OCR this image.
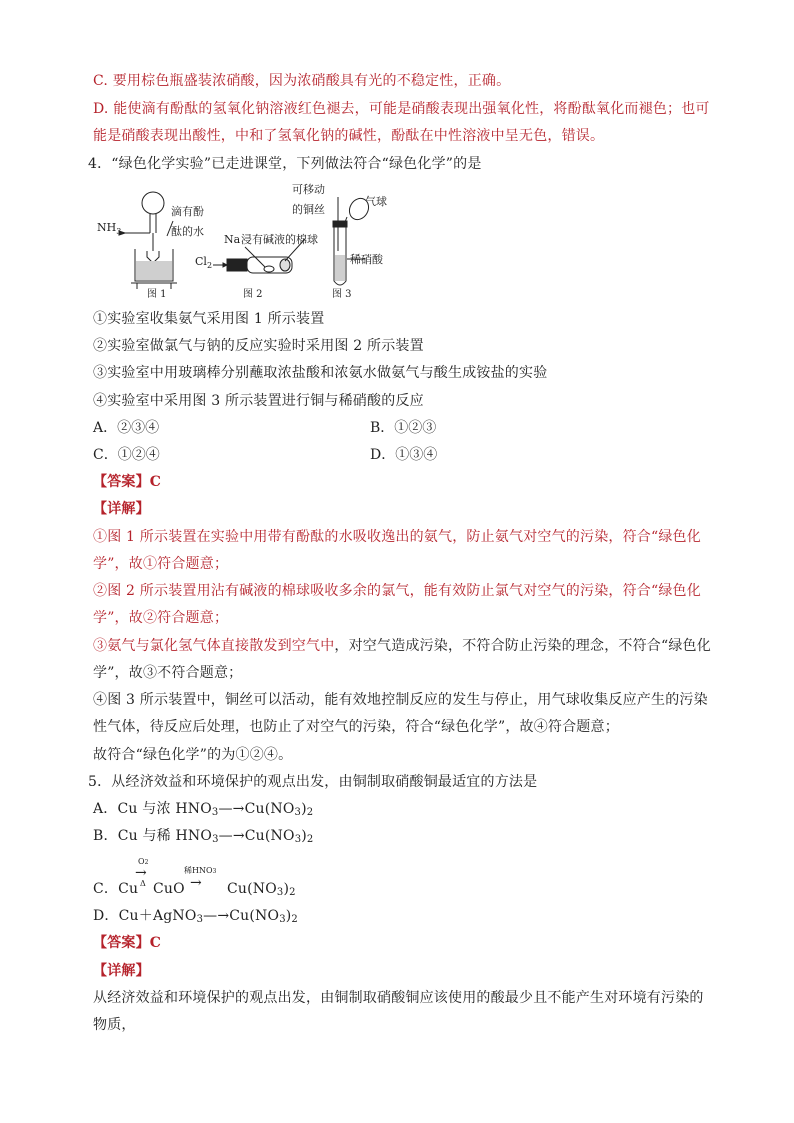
C. 要用棕色瓶盛装浓硝酸，因为浓硝酸具有光的不稳定性，正确。
D. 能使滴有酚酞的氢氧化钠溶液红色褪去，可能是硝酸表现出强氧化性，将酚酞氧化而褪色；也可
能是硝酸表现出酸性，中和了氢氧化钠的碱性，酚酞在中性溶液中呈无色，错误。
4．“绿色化学实验”已走进课堂，下列做法符合“绿色化学”的是
$NH_3$
滴有酚
酞的水
图 1
$Cl_2$
Na 浸有碱液的棉球
图 2
可移动
的铜丝
气球
稀硝酸
图 3
①实验室收集氨气采用图 1 所示装置
②实验室做氯气与钠的反应实验时采用图 2 所示装置
③实验室中用玻璃棒分别蘸取浓盐酸和浓氨水做氨气与酸生成铵盐的实验
④实验室中采用图 3 所示装置进行铜与稀硝酸的反应
A．②③④	B．①②③
C．①②④	D．①③④
【答案】C
【详解】
①图 1 所示装置在实验中用带有酚酞的水吸收逸出的氨气，防止氨气对空气的污染，符合“绿色化
学”，故①符合题意；
②图 2 所示装置用沾有碱液的棉球吸收多余的氯气，能有效防止氯气对空气的污染，符合“绿色化
学”，故②符合题意；
③氨气与氯化氢气体直接散发到空气中，对空气造成污染，不符合防止污染的理念，不符合“绿色化
学”，故③不符合题意；
④图 3 所示装置中，铜丝可以活动，能有效地控制反应的发生与停止，用气球收集反应产生的污染
性气体，待反应后处理，也防止了对空气的污染，符合“绿色化学”，故④符合题意；
故符合“绿色化学”的为①②④。
5．从经济效益和环境保护的观点出发，由铜制取硝酸铜最适宜的方法是
A．Cu 与浓 $HNO_3—\to Cu(NO_3)_2$
B．Cu 与稀 $HNO_3—\to Cu(NO_3)_2$
C．Cu
O2
→
Δ CuO
稀HNO3
→ $Cu(NO_3)_2$
D．$Cu+AgNO_3—\to Cu(NO_3)_2$
【答案】C
【详解】
从经济效益和环境保护的观点出发，由铜制取硝酸铜应该使用的酸最少且不能产生对环境有污染的
物质，
